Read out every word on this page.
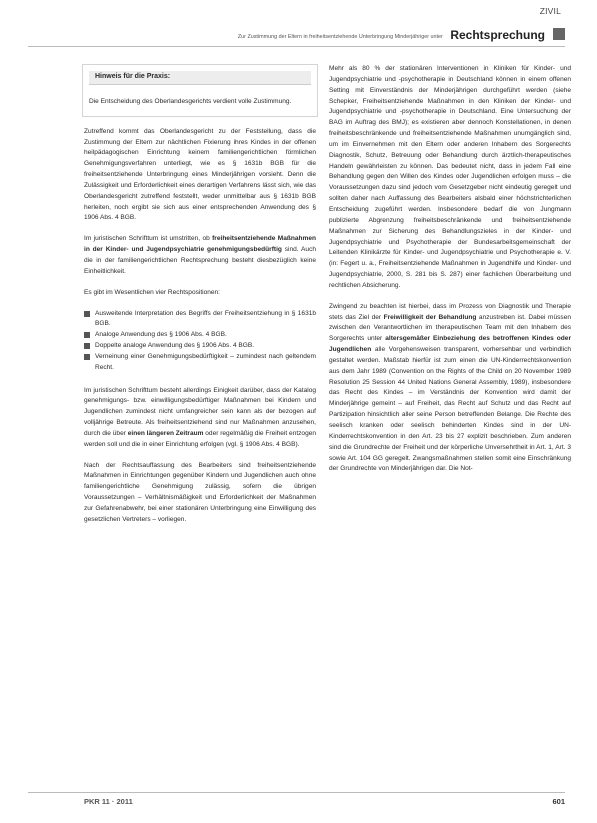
ZIVIL
Zur Zustimmung der Eltern in freiheitsentziehende Unterbringung Minderjähriger unter Rechtsprechung
Hinweis für die Praxis:

Die Entscheidung des Oberlandesgerichts verdient volle Zustimmung.

Zutreffend kommt das Oberlandesgericht zu der Feststellung, dass die Zustimmung der Eltern zur nächtlichen Fixierung ihres Kindes in der offenen heilpädagogischen Einrichtung keinem familiengerichtlichen förmlichen Genehmigungsverfahren unterliegt, wie es § 1631b BGB für die freiheitsentziehende Unterbringung eines Minderjährigen vorsieht. Denn die Zulässigkeit und Erforderlichkeit eines derartigen Verfahrens lässt sich, wie das Oberlandesgericht zutreffend feststellt, weder unmittelbar aus § 1631b BGB herleiten, noch ergibt sie sich aus einer entsprechenden Anwendung des § 1906 Abs. 4 BGB.

Im juristischen Schrifttum ist umstritten, ob freiheitsentziehende Maßnahmen in der Kinder- und Jugendpsychiatrie genehmigungsbedürftig sind. Auch die in der familiengerichtlichen Rechtsprechung besteht diesbezüglich keine Einheitlichkeit.

Es gibt im Wesentlichen vier Rechtspositionen:

Ausweitende Interpretation des Begriffs der Freiheitsentziehung in § 1631b BGB.
Analoge Anwendung des § 1906 Abs. 4 BGB.
Doppelte analoge Anwendung des § 1906 Abs. 4 BGB.
Verneinung einer Genehmigungsbedürftigkeit – zumindest nach geltendem Recht.

Im juristischen Schrifttum besteht allerdings Einigkeit darüber, dass der Katalog genehmigungs- bzw. einwilligungsbedürftiger Maßnahmen bei Kindern und Jugendlichen zumindest nicht umfangreicher sein kann als der bezogen auf volljährige Betreute. Als freiheitsentziehend sind nur Maßnahmen anzusehen, durch die über einen längeren Zeitraum oder regelmäßig die Freiheit entzogen werden soll und die in einer Einrichtung erfolgen (vgl. § 1906 Abs. 4 BGB).

Nach der Rechtsauffassung des Bearbeiters sind freiheitsentziehende Maßnahmen in Einrichtungen gegenüber Kindern und Jugendlichen auch ohne familiengerichtliche Genehmigung zulässig, sofern die übrigen Voraussetzungen – Verhältnismäßigkeit und Erforderlichkeit der Maßnahmen zur Gefahrenabwehr, bei einer stationären Unterbringung eine Einwilligung des gesetzlichen Vertreters – vorliegen.

Mehr als 80 % der stationären Interventionen in Kliniken für Kinder- und Jugendpsychiatrie und -psychotherapie in Deutschland können in einem offenen Setting mit Einverständnis der Minderjährigen durchgeführt werden (siehe Schepker, Freiheitsentziehende Maßnahmen in den Kliniken der Kinder- und Jugendpsychiatrie und -psychotherapie in Deutschland. Eine Untersuchung der BAG im Auftrag des BMJ); es existieren aber dennoch Konstellationen, in denen freiheitsbeschränkende und freiheitsentziehende Maßnahmen unumgänglich sind, um im Einvernehmen mit den Eltern oder anderen Inhabern des Sorgerechts Diagnostik, Schutz, Betreuung oder Behandlung durch ärztlich-therapeutisches Handeln gewährleisten zu können. Das bedeutet nicht, dass in jedem Fall eine Behandlung gegen den Willen des Kindes oder Jugendlichen erfolgen muss – die Voraussetzungen dazu sind jedoch vom Gesetzgeber nicht eindeutig geregelt und sollten daher nach Auffassung des Bearbeiters alsbald einer höchstrichterlichen Entscheidung zugeführt werden. Insbesondere bedarf die von Jungmann publizierte Abgrenzung freiheitsbeschränkende und freiheitsentziehende Maßnahmen zur Sicherung des Behandlungszieles in der Kinder- und Jugendpsychiatrie und Psychotherapie der Bundesarbeitsgemeinschaft der Leitenden Klinikärzte für Kinder- und Jugendpsychiatrie und Psychotherapie e. V. (in: Fegert u. a., Freiheitsentziehende Maßnahmen in Jugendhilfe und Kinder- und Jugendpsychiatrie, 2000, S. 281 bis S. 287) einer fachlichen Überarbeitung und rechtlichen Absicherung.

Zwingend zu beachten ist hierbei, dass im Prozess von Diagnostik und Therapie stets das Ziel der Freiwilligkeit der Behandlung anzustreben ist. Dabei müssen zwischen den Verantwortlichen im therapeutischen Team mit den Inhabern des Sorgerechts unter altersgemäßer Einbeziehung des betroffenen Kindes oder Jugendlichen alle Vorgehensweisen transparent, vorhersehbar und verbindlich gestaltet werden. Maßstab hierfür ist zum einen die UN-Kinderrechtskonvention aus dem Jahr 1989 (Convention on the Rights of the Child on 20 November 1989 Resolution 25 Session 44 United Nations General Assembly, 1989), insbesondere das Recht des Kindes – im Verständnis der Konvention wird damit der Minderjährige gemeint – auf Freiheit, das Recht auf Schutz und das Recht auf Partizipation hinsichtlich aller seine Person betreffenden Belange. Die Rechte des seelisch kranken oder seelisch behinderten Kindes sind in der UN-Kinderrechtskonvention in den Art. 23 bis 27 explizit beschrieben. Zum anderen sind die Grundrechte der Freiheit und der körperliche Unversehrtheit in Art. 1, Art. 3 sowie Art. 104 GG geregelt. Zwangsmaßnahmen stellen somit eine Einschränkung der Grundrechte von Minderjährigen dar. Die Not-

PKR 11 · 2011	601
